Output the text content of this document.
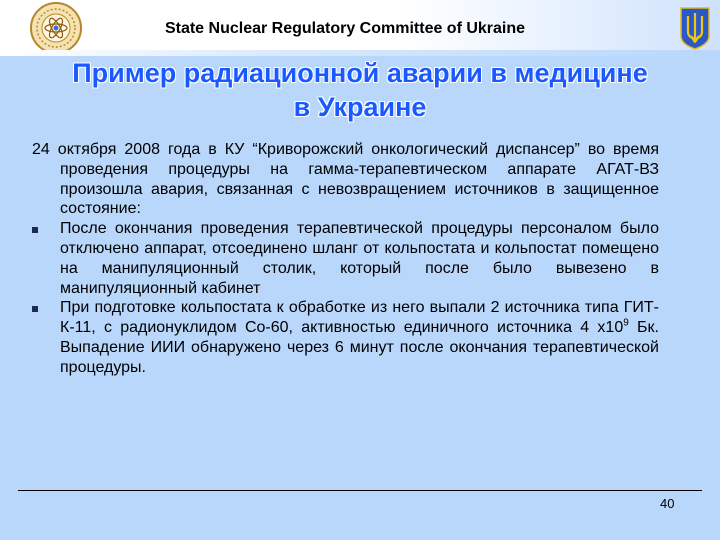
State Nuclear Regulatory Committee of Ukraine
Пример радиационной аварии в медицине
в Украине

24 октября 2008 года в КУ “Криворожский онкологический диспансер” во время проведения процедуры на гамма-терапевтическом аппарате АГАТ-ВЗ произошла авария, связанная с невозвращением источников в защищенное состояние:

После окончания проведения терапевтической процедуры персоналом было отключено аппарат, отсоединено шланг от кольпостата и кольпостат помещено на манипуляционный столик, который после было вывезено в манипуляционный кабинет

При подготовке кольпостата к обработке из него выпали 2 источника типа ГИТ-К-11, с радионуклидом Co-60, активностью единичного источника 4 $х10^9$ Бк. Выпадение ИИИ обнаружено через 6 минут после окончания терапевтической процедуры.

40
